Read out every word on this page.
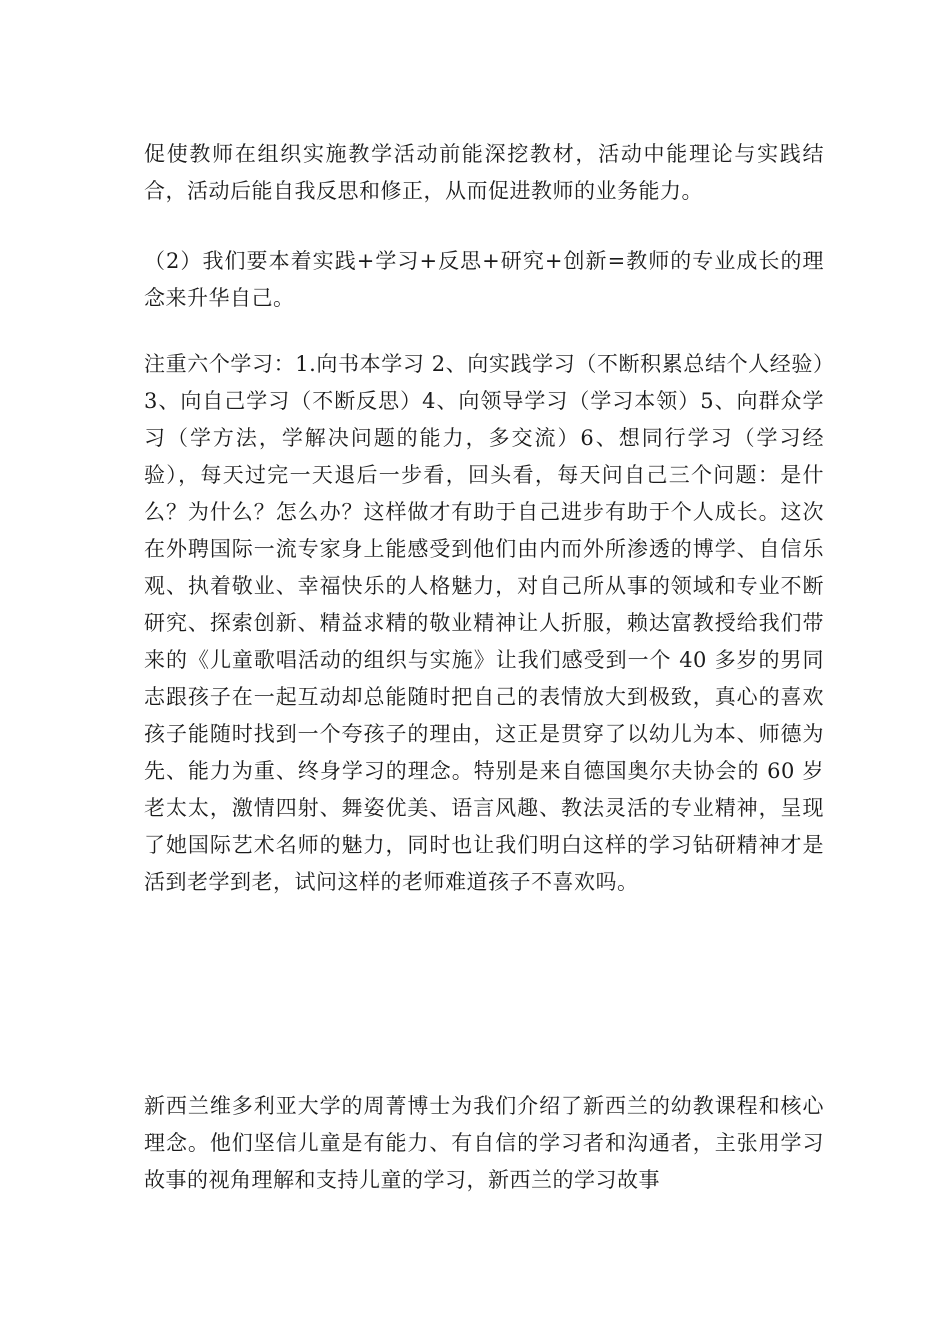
促使教师在组织实施教学活动前能深挖教材，活动中能理论与实践结合，活动后能自我反思和修正，从而促进教师的业务能力。

（2）我们要本着实践+学习+反思+研究+创新=教师的专业成长的理念来升华自己。

注重六个学习：1.向书本学习 2、向实践学习（不断积累总结个人经验）3、向自己学习（不断反思）4、向领导学习（学习本领）5、向群众学习（学方法，学解决问题的能力，多交流）6、想同行学习（学习经验），每天过完一天退后一步看，回头看，每天问自己三个问题：是什么？为什么？怎么办？这样做才有助于自己进步有助于个人成长。这次在外聘国际一流专家身上能感受到他们由内而外所渗透的博学、自信乐观、执着敬业、幸福快乐的人格魅力，对自己所从事的领域和专业不断研究、探索创新、精益求精的敬业精神让人折服，赖达富教授给我们带来的《儿童歌唱活动的组织与实施》让我们感受到一个 40 多岁的男同志跟孩子在一起互动却总能随时把自己的表情放大到极致，真心的喜欢孩子能随时找到一个夸孩子的理由，这正是贯穿了以幼儿为本、师德为先、能力为重、终身学习的理念。特别是来自德国奥尔夫协会的 60 岁老太太，激情四射、舞姿优美、语言风趣、教法灵活的专业精神，呈现了她国际艺术名师的魅力，同时也让我们明白这样的学习钻研精神才是活到老学到老，试问这样的老师难道孩子不喜欢吗。

新西兰维多利亚大学的周菁博士为我们介绍了新西兰的幼教课程和核心理念。他们坚信儿童是有能力、有自信的学习者和沟通者，主张用学习故事的视角理解和支持儿童的学习，新西兰的学习故事
